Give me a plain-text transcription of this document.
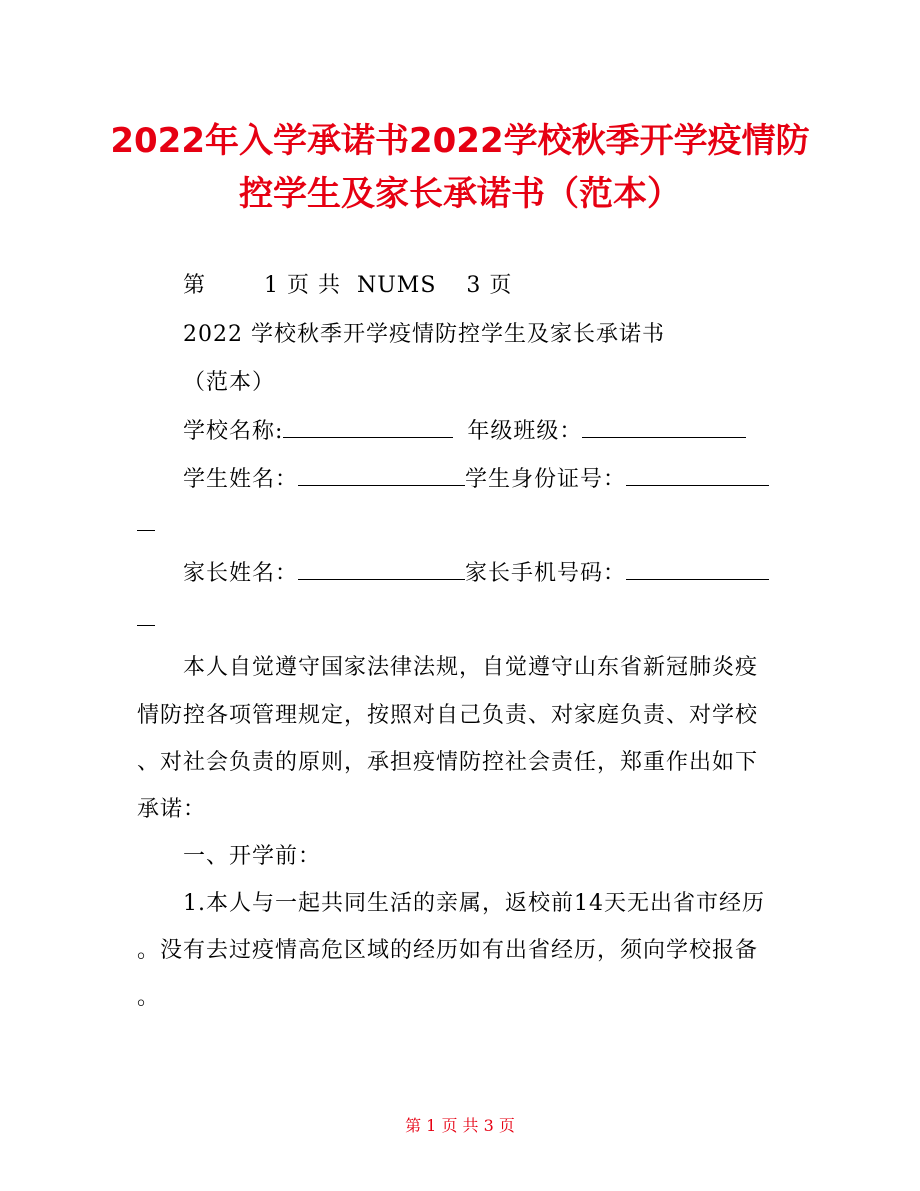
2022年入学承诺书2022学校秋季开学疫情防
控学生及家长承诺书（范本）
第	1 页 共 NUMS 3 页
2022 学校秋季开学疫情防控学生及家长承诺书
（范本）
学校名称:	年级班级：
学生姓名：	学生身份证号：
家长姓名：	家长手机号码：
本人自觉遵守国家法律法规，自觉遵守山东省新冠肺炎疫
情防控各项管理规定，按照对自己负责、对家庭负责、对学校
、对社会负责的原则，承担疫情防控社会责任，郑重作出如下
承诺：
一、开学前：
1.本人与一起共同生活的亲属，返校前14天无出省市经历
。没有去过疫情高危区域的经历如有出省经历，须向学校报备
。
第 1 页 共 3 页
